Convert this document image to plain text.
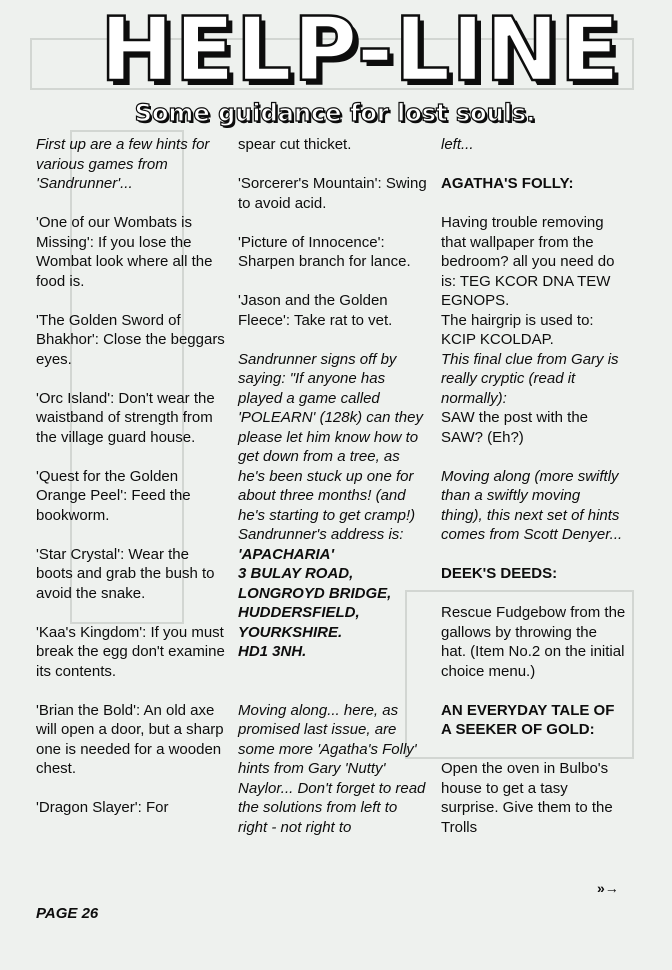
HELP-LINE
Some guidance for lost souls.

First up are a few hints for various games from 'Sandrunner'...

'One of our Wombats is Missing': If you lose the Wombat look where all the food is.

'The Golden Sword of Bhakhor': Close the beggars eyes.

'Orc Island': Don't wear the waistband of strength from the village guard house.

'Quest for the Golden Orange Peel': Feed the bookworm.

'Star Crystal': Wear the boots and grab the bush to avoid the snake.

'Kaa's Kingdom': If you must break the egg don't examine its contents.

'Brian the Bold': An old axe will open a door, but a sharp one is needed for a wooden chest.

'Dragon Slayer': For

spear cut thicket.

'Sorcerer's Mountain': Swing to avoid acid.

'Picture of Innocence': Sharpen branch for lance.

'Jason and the Golden Fleece': Take rat to vet.

Sandrunner signs off by saying: "If anyone has played a game called 'POLEARN' (128k) can they please let him know how to get down from a tree, as he's been stuck up one for about three months! (and he's starting to get cramp!) Sandrunner's address is:

'APACHARIA'
3 BULAY ROAD,
LONGROYD BRIDGE,
HUDDERSFIELD,
YOURKSHIRE.
HD1 3NH.

Moving along... here, as promised last issue, are some more 'Agatha's Folly' hints from Gary 'Nutty' Naylor... Don't forget to read the solutions from left to right - not right to

left...

AGATHA'S FOLLY:

Having trouble removing that wallpaper from the bedroom? all you need do is: TEG KCOR DNA TEW EGNOPS.

The hairgrip is used to: KCIP KCOLDAP.

This final clue from Gary is really cryptic (read it normally):

SAW the post with the SAW? (Eh?)

Moving along (more swiftly than a swiftly moving thing), this next set of hints comes from Scott Denyer...

DEEK'S DEEDS:

Rescue Fudgebow from the gallows by throwing the hat. (Item No.2 on the initial choice menu.)

AN EVERYDAY TALE OF A SEEKER OF GOLD:

Open the oven in Bulbo's house to get a tasy surprise. Give them to the Trolls

»→
PAGE 26
